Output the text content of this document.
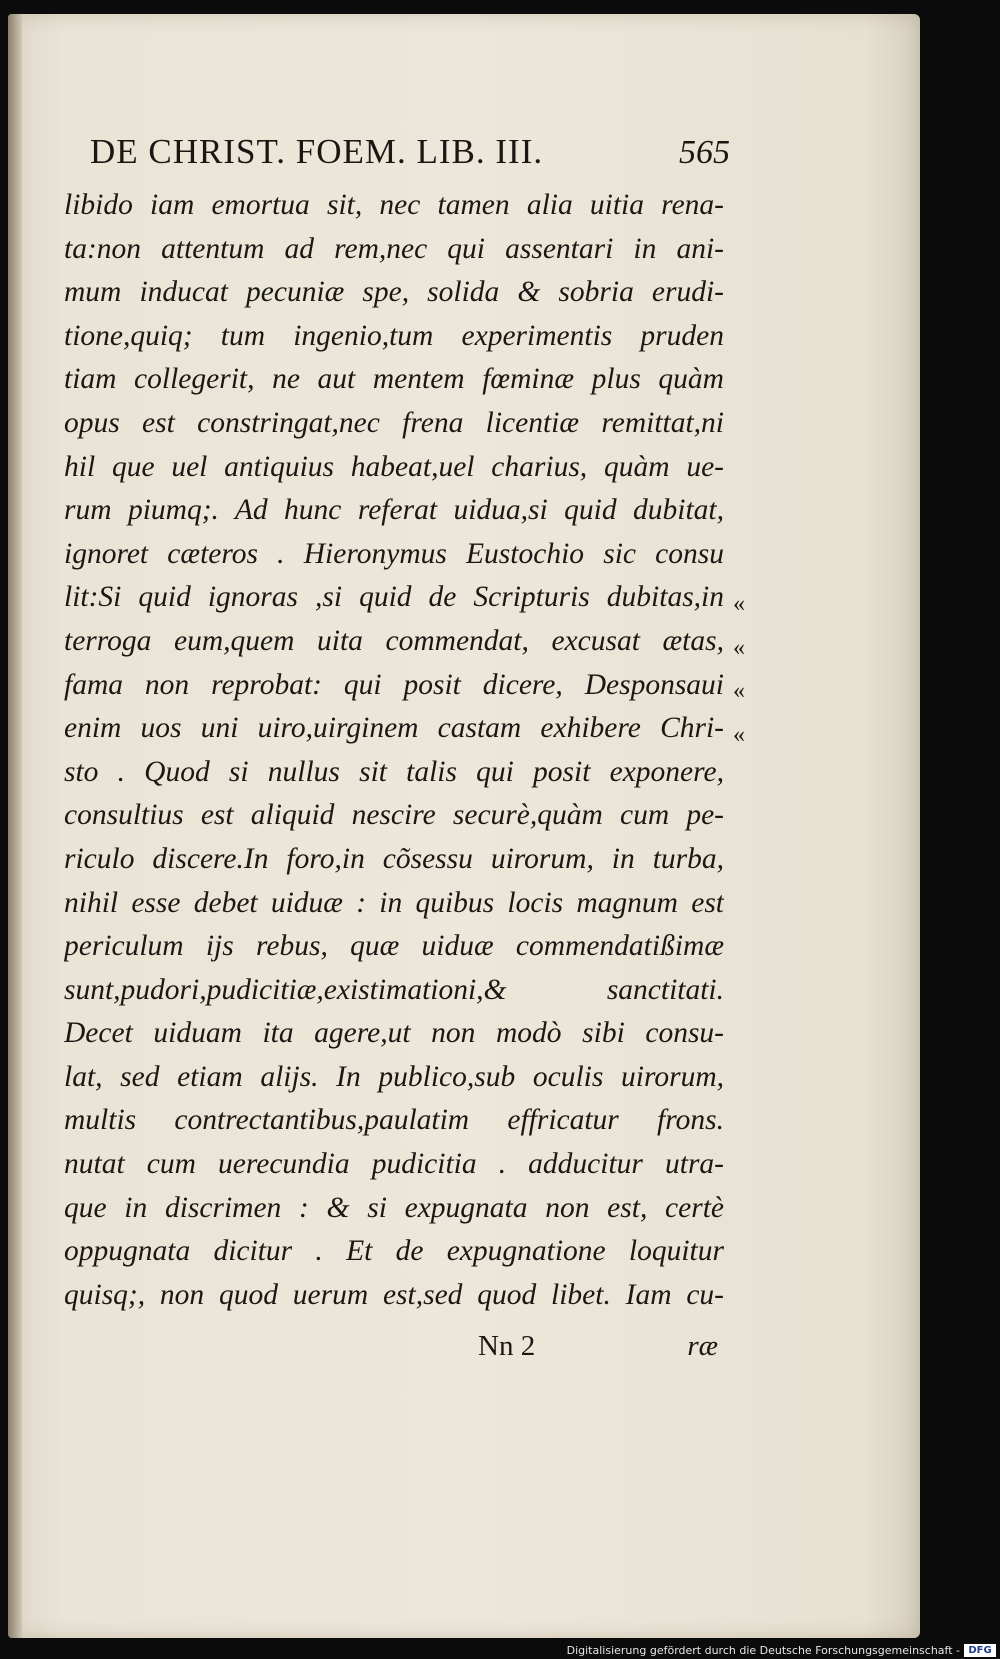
DE CHRIST. FOEM. LIB. III.	565
libido iam emortua sit, nec tamen alia uitia rena-
ta:non attentum ad rem,nec qui assentari in ani-
mum inducat pecuniæ spe, solida & sobria erudi-
tione,quiq; tum ingenio,tum experimentis pruden
tiam collegerit, ne aut mentem fœminæ plus quàm
opus est constringat,nec frena licentiæ remittat,ni
hil que uel antiquius habeat,uel charius, quàm ue-
rum piumq;. Ad hunc referat uidua,si quid dubitat,
ignoret cæteros . Hieronymus Eustochio sic consu
lit:Si quid ignoras ,si quid de Scripturis dubitas,in
terroga eum,quem uita commendat, excusat ætas,
fama non reprobat: qui posit dicere, Desponsaui
enim uos uni uiro,uirginem castam exhibere Chri-
sto . Quod si nullus sit talis qui posit exponere,
consultius est aliquid nescire securè,quàm cum pe-
riculo discere.In foro,in cõsessu uirorum, in turba,
nihil esse debet uiduæ : in quibus locis magnum est
periculum ijs rebus, quæ uiduæ commendatißimæ
sunt,pudori,pudicitiæ,existimationi,& sanctitati.
Decet uiduam ita agere,ut non modò sibi consu-
lat, sed etiam alijs. In publico,sub oculis uirorum,
multis contrectantibus,paulatim effricatur frons.
nutat cum uerecundia pudicitia . adducitur utra-
que in discrimen : & si expugnata non est, certè
oppugnata dicitur . Et de expugnatione loquitur
quisq;, non quod uerum est,sed quod libet. Iam cu-
«
«
«
«
Nn 2	ræ
Digitalisierung gefördert durch die Deutsche Forschungsgemeinschaft - DFG
